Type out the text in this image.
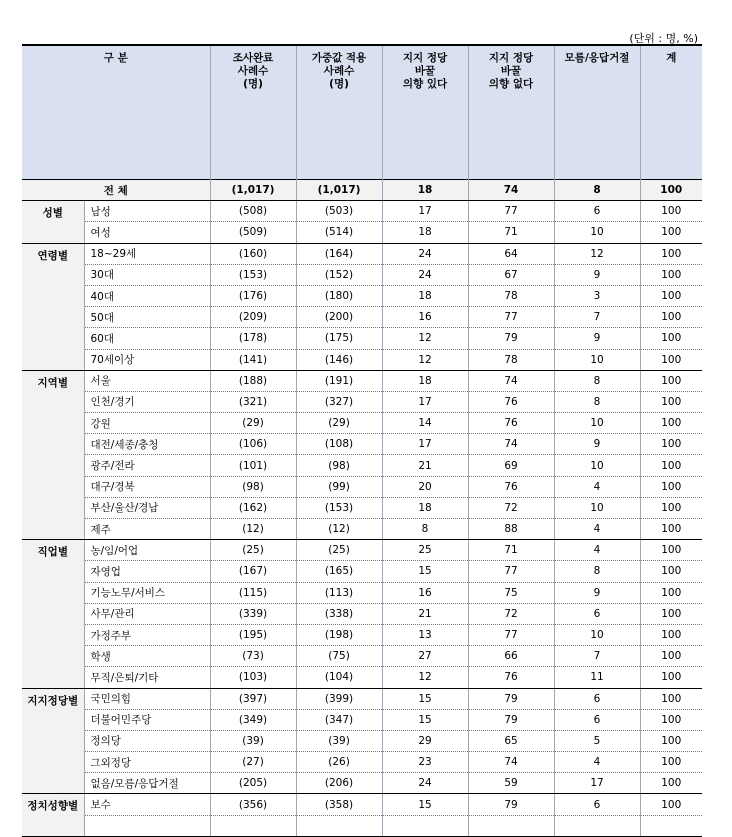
(단위 : 명, %)
구 분		조사완료
사례수
(명)	가중값 적용
사례수
(명)	지지 정당
바꿀
의향 있다	지지 정당
바꿀
의향 없다	모름/응답거절	계
전 체		(1,017)	(1,017)	18	74	8	100
성별	남성	(508)	(503)	17	77	6	100
	여성	(509)	(514)	18	71	10	100
연령별	18~29세	(160)	(164)	24	64	12	100
	30대	(153)	(152)	24	67	9	100
	40대	(176)	(180)	18	78	3	100
	50대	(209)	(200)	16	77	7	100
	60대	(178)	(175)	12	79	9	100
	70세이상	(141)	(146)	12	78	10	100
지역별	서울	(188)	(191)	18	74	8	100
	인천/경기	(321)	(327)	17	76	8	100
	강원	(29)	(29)	14	76	10	100
	대전/세종/충청	(106)	(108)	17	74	9	100
	광주/전라	(101)	(98)	21	69	10	100
	대구/경북	(98)	(99)	20	76	4	100
	부산/울산/경남	(162)	(153)	18	72	10	100
	제주	(12)	(12)	8	88	4	100
직업별	농/임/어업	(25)	(25)	25	71	4	100
	자영업	(167)	(165)	15	77	8	100
	기능노무/서비스	(115)	(113)	16	75	9	100
	사무/관리	(339)	(338)	21	72	6	100
	가정주부	(195)	(198)	13	77	10	100
	학생	(73)	(75)	27	66	7	100
	무직/은퇴/기타	(103)	(104)	12	76	11	100
지지정당별	국민의힘	(397)	(399)	15	79	6	100
	더불어민주당	(349)	(347)	15	79	6	100
	정의당	(39)	(39)	29	65	5	100
	그외정당	(27)	(26)	23	74	4	100
	없음/모름/응답거절	(205)	(206)	24	59	17	100
정치성향별	보수	(356)	(358)	15	79	6	100
